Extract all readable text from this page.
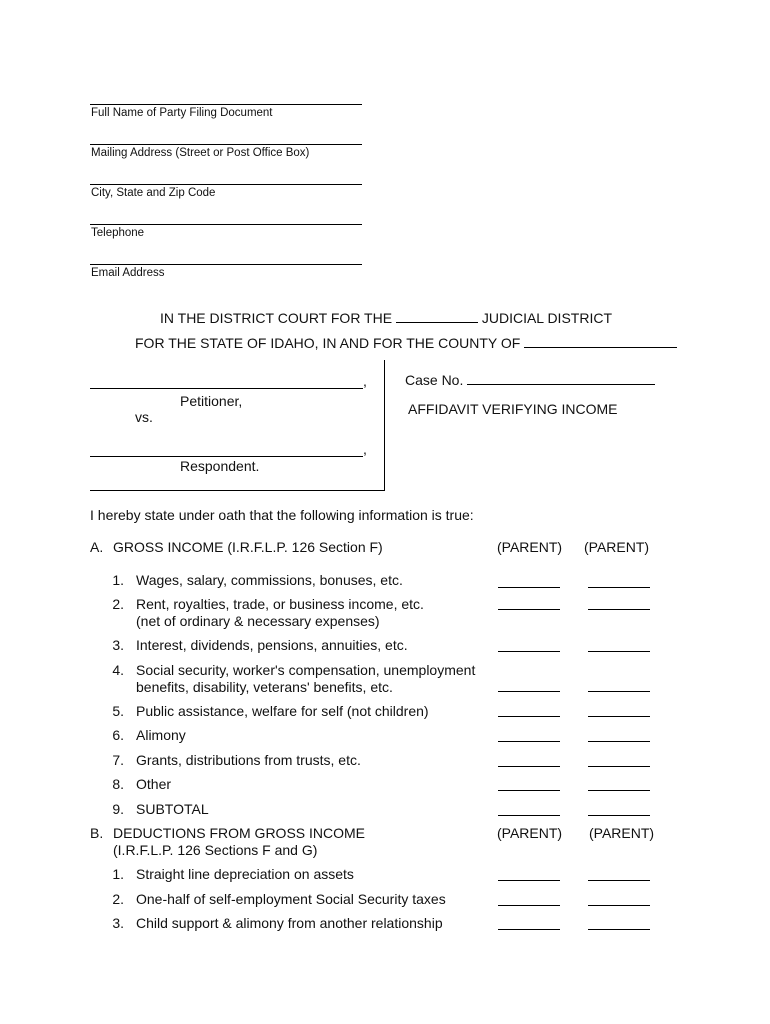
Full Name of Party Filing Document
Mailing Address (Street or Post Office Box)
City, State and Zip Code
Telephone
Email Address
IN THE DISTRICT COURT FOR THE	JUDICIAL DISTRICT
FOR THE STATE OF IDAHO, IN AND FOR THE COUNTY OF
,
Petitioner,
vs.
,
Respondent.
Case No.
AFFIDAVIT VERIFYING INCOME
I hereby state under oath that the following information is true:
A. GROSS INCOME (I.R.F.L.P. 126 Section F)	(PARENT) (PARENT)
1. Wages, salary, commissions, bonuses, etc.
2. Rent, royalties, trade, or business income, etc.
(net of ordinary & necessary expenses)
3. Interest, dividends, pensions, annuities, etc.
4. Social security, worker's compensation, unemployment
benefits, disability, veterans' benefits, etc.
5. Public assistance, welfare for self (not children)
6. Alimony
7. Grants, distributions from trusts, etc.
8. Other
9. SUBTOTAL
B. DEDUCTIONS FROM GROSS INCOME
(I.R.F.L.P. 126 Sections F and G)
(PARENT) (PARENT)
1. Straight line depreciation on assets
2. One-half of self-employment Social Security taxes
3. Child support & alimony from another relationship
